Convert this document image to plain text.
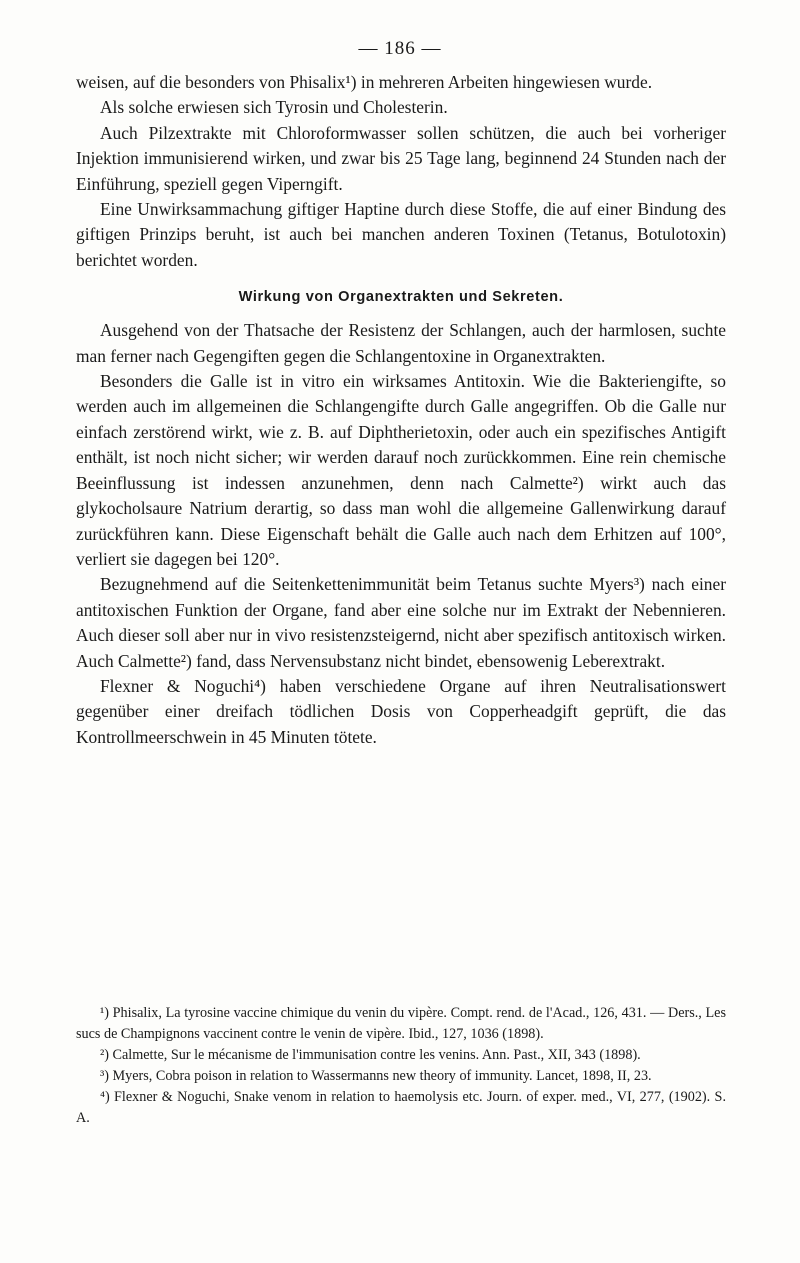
— 186 —

weisen, auf die besonders von Phisalix¹) in mehreren Arbeiten hingewiesen wurde.

Als solche erwiesen sich Tyrosin und Cholesterin.

Auch Pilzextrakte mit Chloroformwasser sollen schützen, die auch bei vorheriger Injektion immunisierend wirken, und zwar bis 25 Tage lang, beginnend 24 Stunden nach der Einführung, speziell gegen Viperngift.

Eine Unwirksammachung giftiger Haptine durch diese Stoffe, die auf einer Bindung des giftigen Prinzips beruht, ist auch bei manchen anderen Toxinen (Tetanus, Botulotoxin) berichtet worden.

Wirkung von Organextrakten und Sekreten.

Ausgehend von der Thatsache der Resistenz der Schlangen, auch der harmlosen, suchte man ferner nach Gegengiften gegen die Schlangentoxine in Organextrakten.

Besonders die Galle ist in vitro ein wirksames Antitoxin. Wie die Bakteriengifte, so werden auch im allgemeinen die Schlangengifte durch Galle angegriffen. Ob die Galle nur einfach zerstörend wirkt, wie z. B. auf Diphtherietoxin, oder auch ein spezifisches Antigift enthält, ist noch nicht sicher; wir werden darauf noch zurückkommen. Eine rein chemische Beeinflussung ist indessen anzunehmen, denn nach Calmette²) wirkt auch das glykocholsaure Natrium derartig, so dass man wohl die allgemeine Gallenwirkung darauf zurückführen kann. Diese Eigenschaft behält die Galle auch nach dem Erhitzen auf 100°, verliert sie dagegen bei 120°.

Bezugnehmend auf die Seitenkettenimmunität beim Tetanus suchte Myers³) nach einer antitoxischen Funktion der Organe, fand aber eine solche nur im Extrakt der Nebennieren. Auch dieser soll aber nur in vivo resistenzsteigernd, nicht aber spezifisch antitoxisch wirken. Auch Calmette²) fand, dass Nervensubstanz nicht bindet, ebensowenig Leberextrakt.

Flexner & Noguchi⁴) haben verschiedene Organe auf ihren Neutralisationswert gegenüber einer dreifach tödlichen Dosis von Copperheadgift geprüft, die das Kontrollmeerschwein in 45 Minuten tötete.

¹) Phisalix, La tyrosine vaccine chimique du venin du vipère. Compt. rend. de l'Acad., 126, 431. — Ders., Les sucs de Champignons vaccinent contre le venin de vipère. Ibid., 127, 1036 (1898).

²) Calmette, Sur le mécanisme de l'immunisation contre les venins. Ann. Past., XII, 343 (1898).

³) Myers, Cobra poison in relation to Wassermanns new theory of immunity. Lancet, 1898, II, 23.

⁴) Flexner & Noguchi, Snake venom in relation to haemolysis etc. Journ. of exper. med., VI, 277, (1902). S. A.
